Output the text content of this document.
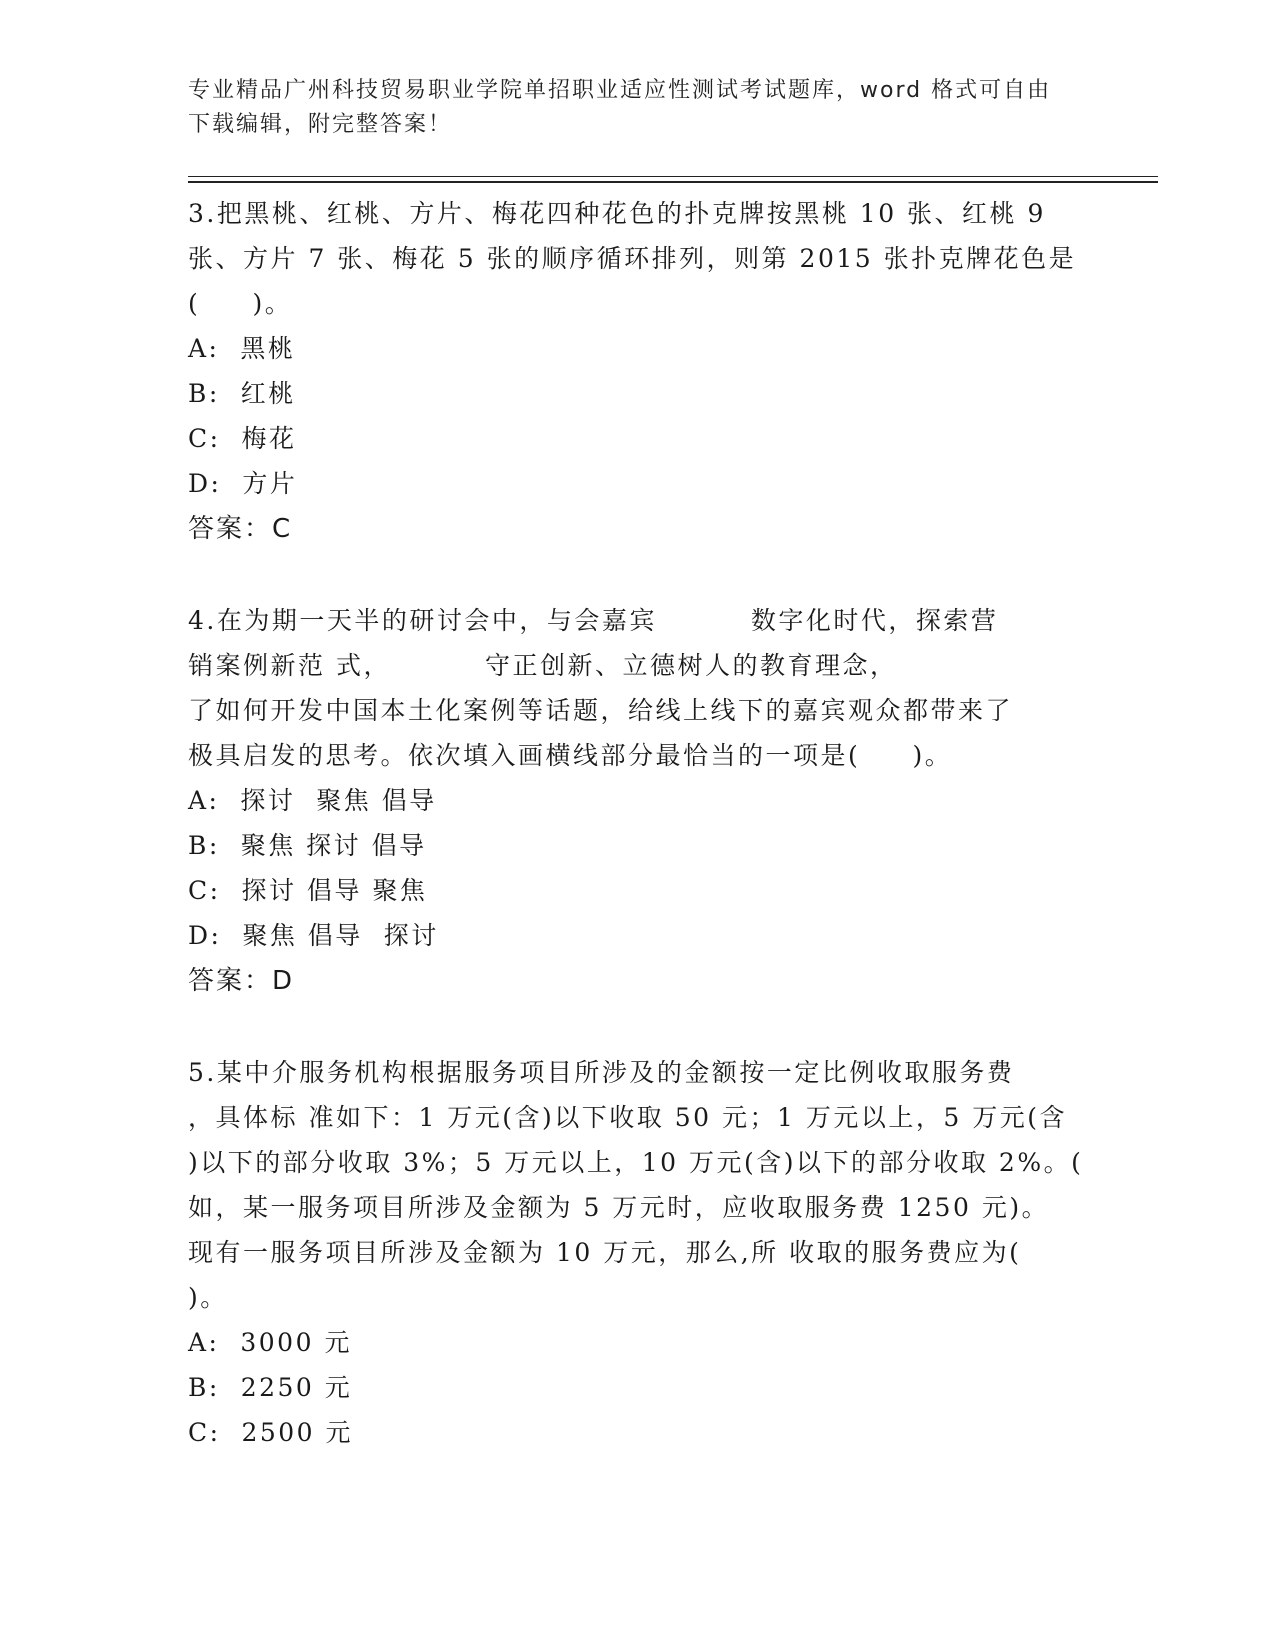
专业精品广州科技贸易职业学院单招职业适应性测试考试题库，word 格式可自由
下载编辑，附完整答案！
3.把黑桃、红桃、方片、梅花四种花色的扑克牌按黑桃 10 张、红桃 9
张、方片 7 张、梅花 5 张的顺序循环排列，则第 2015 张扑克牌花色是
(     )。
A:  黑桃
B:  红桃
C:  梅花
D:  方片
答案：C
4.在为期一天半的研讨会中，与会嘉宾         数字化时代，探索营
销案例新范 式，         守正创新、立德树人的教育理念，
了如何开发中国本土化案例等话题，给线上线下的嘉宾观众都带来了
极具启发的思考。依次填入画横线部分最恰当的一项是(     )。
A:  探讨  聚焦 倡导
B:  聚焦 探讨 倡导
C:  探讨 倡导 聚焦
D:  聚焦 倡导  探讨
答案：D
5.某中介服务机构根据服务项目所涉及的金额按一定比例收取服务费
，具体标 准如下：1 万元(含)以下收取 50 元；1 万元以上，5 万元(含
)以下的部分收取 3%；5 万元以上，10 万元(含)以下的部分收取 2%。(
如，某一服务项目所涉及金额为 5 万元时，应收取服务费 1250 元)。
现有一服务项目所涉及金额为 10 万元，那么,所 收取的服务费应为(
)。
A:  3000 元
B:  2250 元
C:  2500 元
